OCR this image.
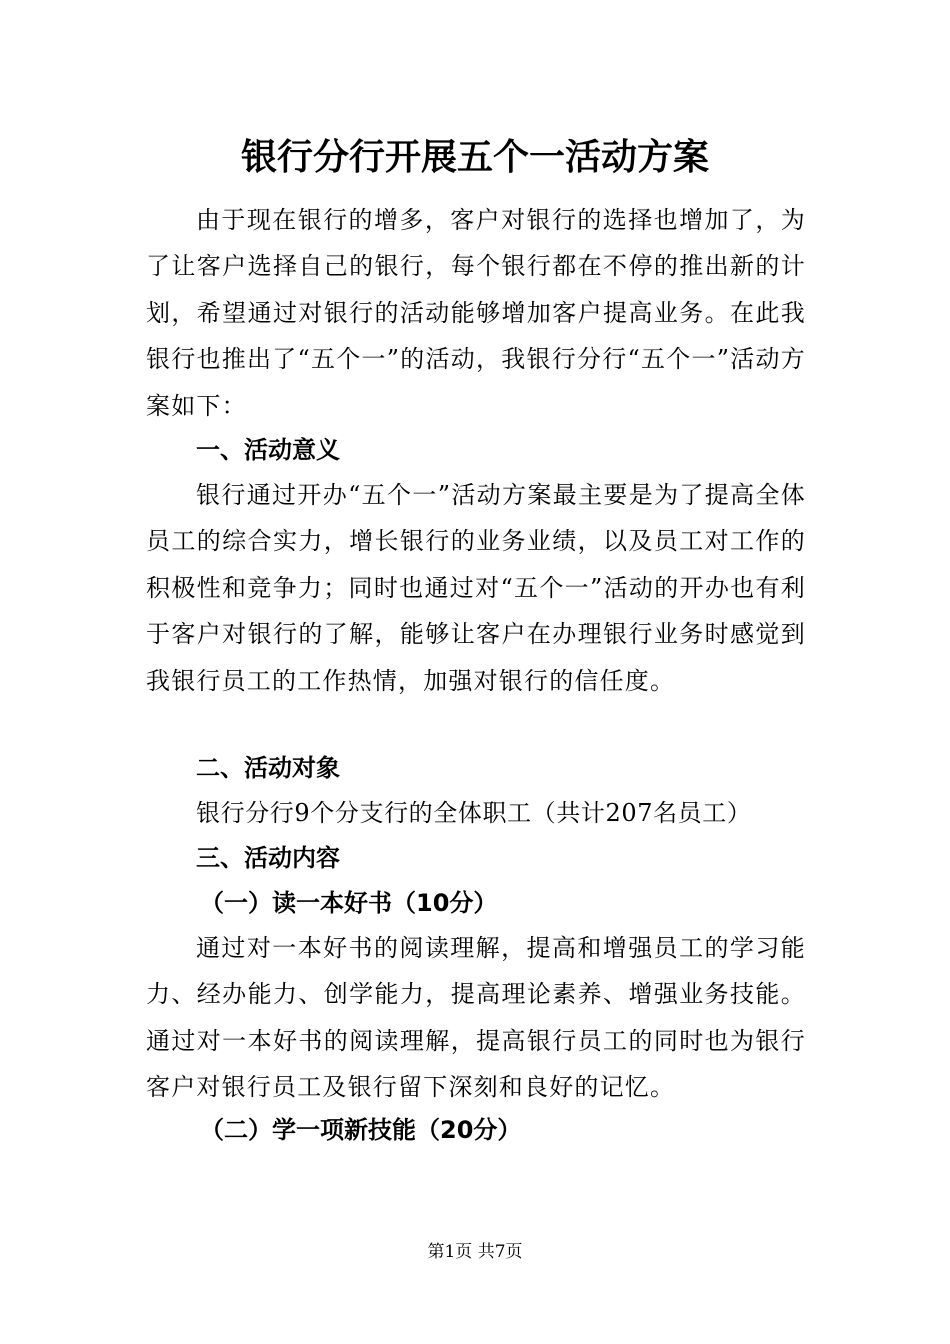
银行分行开展五个一活动方案
由于现在银行的增多，客户对银行的选择也增加了，为了让客户选择自己的银行，每个银行都在不停的推出新的计划，希望通过对银行的活动能够增加客户提高业务。在此我银行也推出了“五个一”的活动，我银行分行“五个一”活动方案如下：
一、活动意义
银行通过开办“五个一”活动方案最主要是为了提高全体员工的综合实力，增长银行的业务业绩，以及员工对工作的积极性和竞争力；同时也通过对“五个一”活动的开办也有利于客户对银行的了解，能够让客户在办理银行业务时感觉到我银行员工的工作热情，加强对银行的信任度。
二、活动对象
银行分行9个分支行的全体职工（共计207名员工）
三、活动内容
（一）读一本好书（10分）
通过对一本好书的阅读理解，提高和增强员工的学习能力、经办能力、创学能力，提高理论素养、增强业务技能。通过对一本好书的阅读理解，提高银行员工的同时也为银行客户对银行员工及银行留下深刻和良好的记忆。
（二）学一项新技能（20分）
第1页 共7页
